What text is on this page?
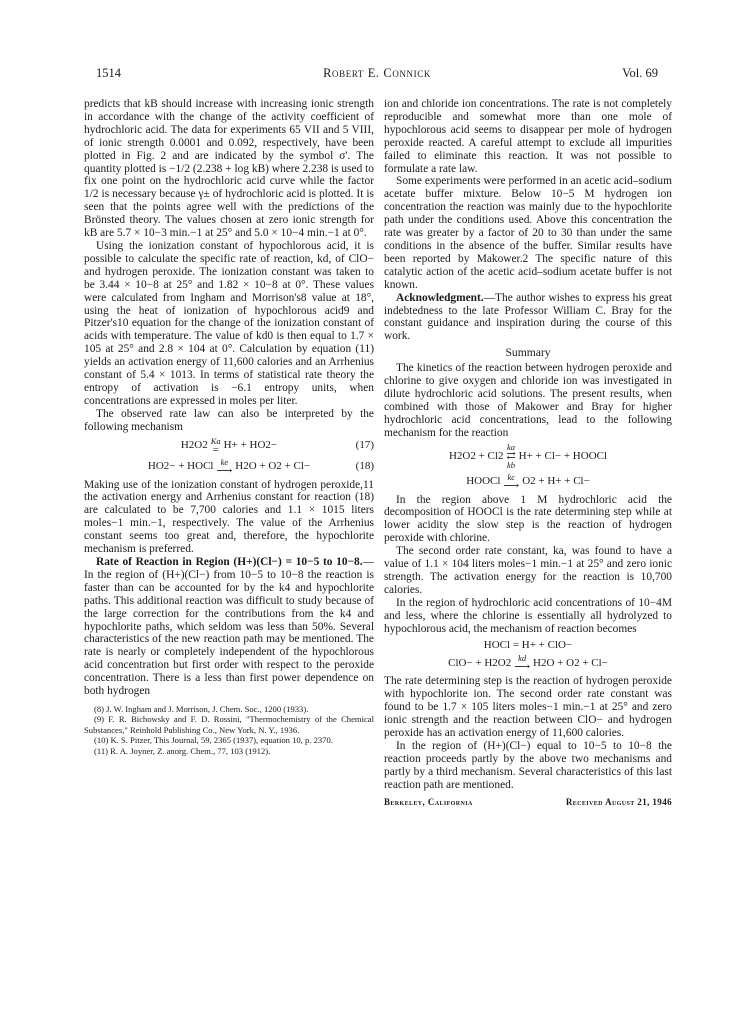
1514	Robert E. Connick	Vol. 69

predicts that kB should increase with increasing ionic strength in accordance with the change of the activity coefficient of hydrochloric acid. The data for experiments 65 VII and 5 VIII, of ionic strength 0.0001 and 0.092, respectively, have been plotted in Fig. 2 and are indicated by the symbol σ'. The quantity plotted is −1/2 (2.238 + log kB) where 2.238 is used to fix one point on the hydrochloric acid curve while the factor 1/2 is necessary because γ± of hydrochloric acid is plotted. It is seen that the points agree well with the predictions of the Brönsted theory. The values chosen at zero ionic strength for kB are 5.7 × 10−3 min.−1 at 25° and 5.0 × 10−4 min.−1 at 0°.

Using the ionization constant of hypochlorous acid, it is possible to calculate the specific rate of reaction, kd, of ClO− and hydrogen peroxide. The ionization constant was taken to be 3.44 × 10−8 at 25° and 1.82 × 10−8 at 0°. These values were calculated from Ingham and Morrison's8 value at 18°, using the heat of ionization of hypochlorous acid9 and Pitzer's10 equation for the change of the ionization constant of acids with temperature. The value of kd0 is then equal to 1.7 × 105 at 25° and 2.8 × 104 at 0°. Calculation by equation (11) yields an activation energy of 11,600 calories and an Arrhenius constant of 5.4 × 1013. In terms of statistical rate theory the entropy of activation is −6.1 entropy units, when concentrations are expressed in moles per liter.

The observed rate law can also be interpreted by the following mechanism

H2O2 Ka
= H+ + HO2−	(17)
HO2− + HOCl ke
⟶ H2O + O2 + Cl−	(18)

Making use of the ionization constant of hydrogen peroxide,11 the activation energy and Arrhenius constant for reaction (18) are calculated to be 7,700 calories and 1.1 × 1015 liters moles−1 min.−1, respectively. The value of the Arrhenius constant seems too great and, therefore, the hypochlorite mechanism is preferred.

Rate of Reaction in Region (H+)(Cl−) = 10−5 to 10−8.—In the region of (H+)(Cl−) from 10−5 to 10−8 the reaction is faster than can be accounted for by the k4 and hypochlorite paths. This additional reaction was difficult to study because of the large correction for the contributions from the k4 and hypochlorite paths, which seldom was less than 50%. Several characteristics of the new reaction path may be mentioned. The rate is nearly or completely independent of the hypochlorous acid concentration but first order with respect to the peroxide concentration. There is a less than first power dependence on both hydrogen

(8) J. W. Ingham and J. Morrison, J. Chem. Soc., 1200 (1933).

(9) F. R. Bichowsky and F. D. Rossini, "Thermochemistry of the Chemical Substances," Reinhold Publishing Co., New York, N. Y., 1936.

(10) K. S. Pitzer, This Journal, 59, 2365 (1937), equation 10, p. 2370.

(11) R. A. Joyner, Z. anorg. Chem., 77, 103 (1912).

ion and chloride ion concentrations. The rate is not completely reproducible and somewhat more than one mole of hypochlorous acid seems to disappear per mole of hydrogen peroxide reacted. A careful attempt to exclude all impurities failed to eliminate this reaction. It was not possible to formulate a rate law.

Some experiments were performed in an acetic acid–sodium acetate buffer mixture. Below 10−5 M hydrogen ion concentration the reaction was mainly due to the hypochlorite path under the conditions used. Above this concentration the rate was greater by a factor of 20 to 30 than under the same conditions in the absence of the buffer. Similar results have been reported by Makower.2 The specific nature of this catalytic action of the acetic acid–sodium acetate buffer is not known.

Acknowledgment.—The author wishes to express his great indebtedness to the late Professor William C. Bray for the constant guidance and inspiration during the course of this work.

Summary

The kinetics of the reaction between hydrogen peroxide and chlorine to give oxygen and chloride ion was investigated in dilute hydrochloric acid solutions. The present results, when combined with those of Makower and Bray for higher hydrochloric acid concentrations, lead to the following mechanism for the reaction

H2O2 + Cl2
ka
⇄
kb
H+ + Cl− + HOOCl
HOOCl kc
⟶ O2 + H+ + Cl−

In the region above 1 M hydrochloric acid the decomposition of HOOCl is the rate determining step while at lower acidity the slow step is the reaction of hydrogen peroxide with chlorine.

The second order rate constant, ka, was found to have a value of 1.1 × 104 liters moles−1 min.−1 at 25° and zero ionic strength. The activation energy for the reaction is 10,700 calories.

In the region of hydrochloric acid concentrations of 10−4M and less, where the chlorine is essentially all hydrolyzed to hypochlorous acid, the mechanism of reaction becomes

HOCl = H+ + ClO−
ClO− + H2O2 kd
⟶ H2O + O2 + Cl−

The rate determining step is the reaction of hydrogen peroxide with hypochlorite ion. The second order rate constant was found to be 1.7 × 105 liters moles−1 min.−1 at 25° and zero ionic strength and the reaction between ClO− and hydrogen peroxide has an activation energy of 11,600 calories.

In the region of (H+)(Cl−) equal to 10−5 to 10−8 the reaction proceeds partly by the above two mechanisms and partly by a third mechanism. Several characteristics of this last reaction path are mentioned.

Berkeley, California	Received August 21, 1946
